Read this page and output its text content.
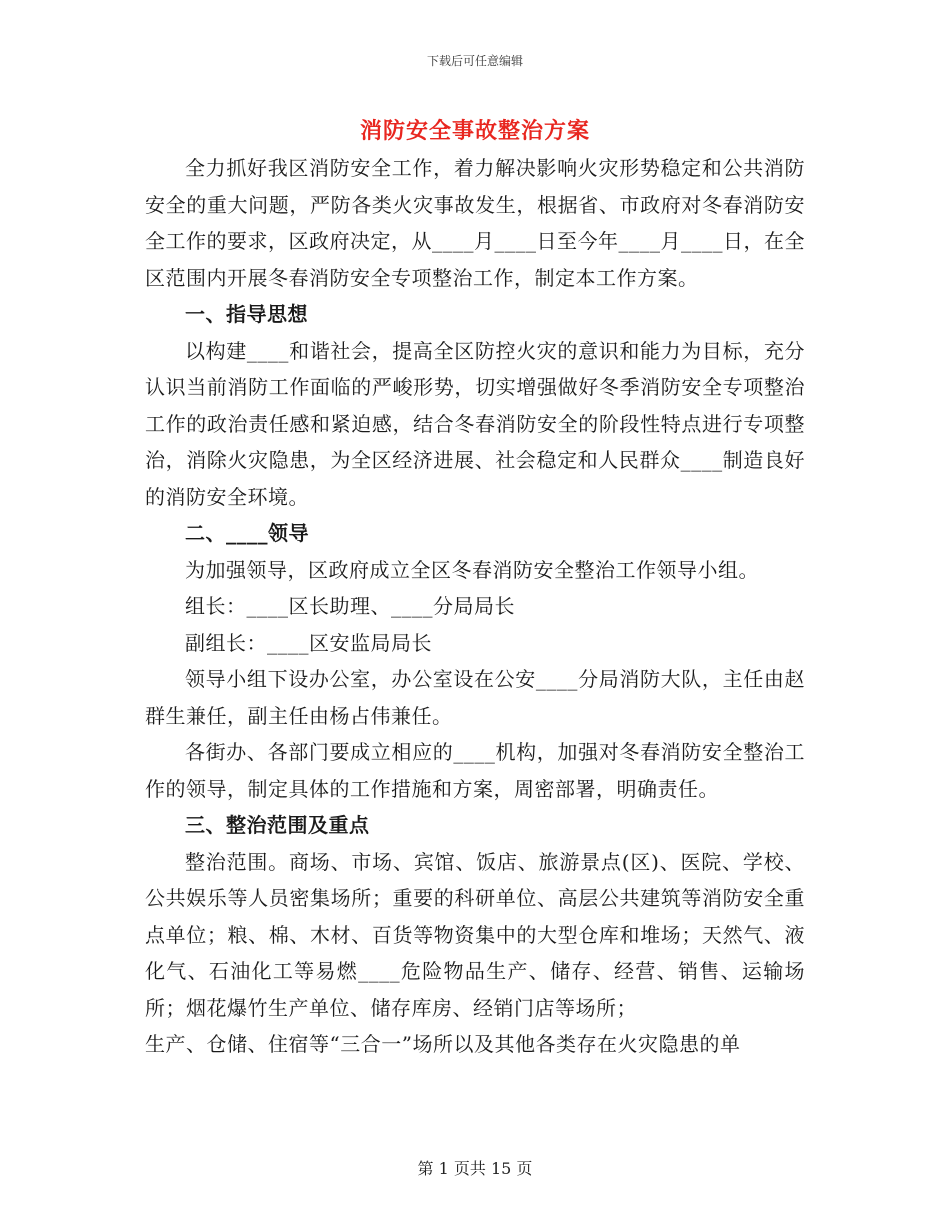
下载后可任意编辑
消防安全事故整治方案

全力抓好我区消防安全工作，着力解决影响火灾形势稳定和公共消防安全的重大问题，严防各类火灾事故发生，根据省、市政府对冬春消防安全工作的要求，区政府决定，从____月____日至今年____月____日，在全区范围内开展冬春消防安全专项整治工作，制定本工作方案。

一、指导思想

以构建____和谐社会，提高全区防控火灾的意识和能力为目标，充分认识当前消防工作面临的严峻形势，切实增强做好冬季消防安全专项整治工作的政治责任感和紧迫感，结合冬春消防安全的阶段性特点进行专项整治，消除火灾隐患，为全区经济进展、社会稳定和人民群众____制造良好的消防安全环境。

二、____领导

为加强领导，区政府成立全区冬春消防安全整治工作领导小组。

组长：____区长助理、____分局局长

副组长：____区安监局局长

领导小组下设办公室，办公室设在公安____分局消防大队，主任由赵群生兼任，副主任由杨占伟兼任。

各街办、各部门要成立相应的____机构，加强对冬春消防安全整治工作的领导，制定具体的工作措施和方案，周密部署，明确责任。

三、整治范围及重点

整治范围。商场、市场、宾馆、饭店、旅游景点(区)、医院、学校、公共娱乐等人员密集场所；重要的科研单位、高层公共建筑等消防安全重点单位；粮、棉、木材、百货等物资集中的大型仓库和堆场；天然气、液化气、石油化工等易燃____危险物品生产、储存、经营、销售、运输场所；烟花爆竹生产单位、储存库房、经销门店等场所；

生产、仓储、住宿等“三合一”场所以及其他各类存在火灾隐患的单

第 1 页共 15 页
